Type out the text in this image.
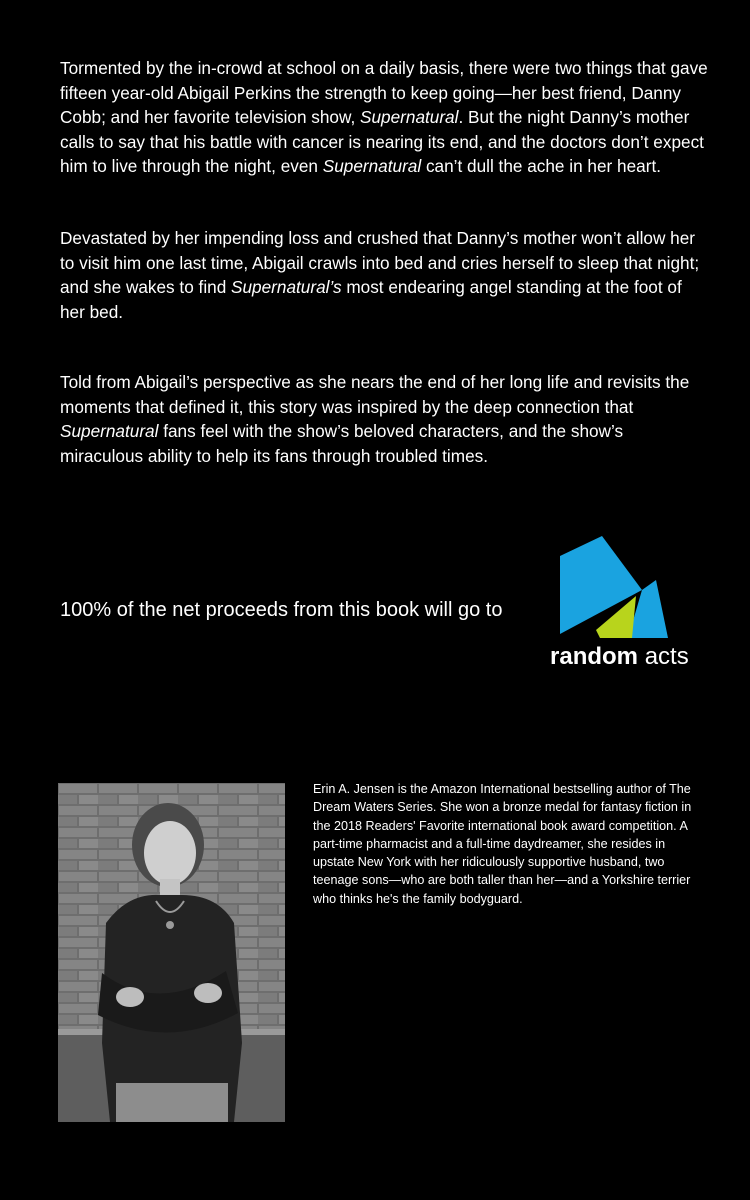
Tormented by the in-crowd at school on a daily basis, there were two things that gave fifteen year-old Abigail Perkins the strength to keep going—her best friend, Danny Cobb; and her favorite television show, Supernatural. But the night Danny’s mother calls to say that his battle with cancer is nearing its end, and the doctors don’t expect him to live through the night, even Supernatural can’t dull the ache in her heart.

Devastated by her impending loss and crushed that Danny’s mother won’t allow her to visit him one last time, Abigail crawls into bed and cries herself to sleep that night; and she wakes to find Supernatural’s most endearing angel standing at the foot of her bed.

Told from Abigail’s perspective as she nears the end of her long life and revisits the moments that defined it, this story was inspired by the deep connection that Supernatural fans feel with the show’s beloved characters, and the show’s miraculous ability to help its fans through troubled times.

100% of the net proceeds from this book will go to
random acts

Erin A. Jensen is the Amazon International bestselling author of The Dream Waters Series. She won a bronze medal for fantasy fiction in the 2018 Readers' Favorite international book award competition. A part-time pharmacist and a full-time daydreamer, she resides in upstate New York with her ridiculously supportive husband, two teenage sons—who are both taller than her—and a Yorkshire terrier who thinks he's the family bodyguard.
